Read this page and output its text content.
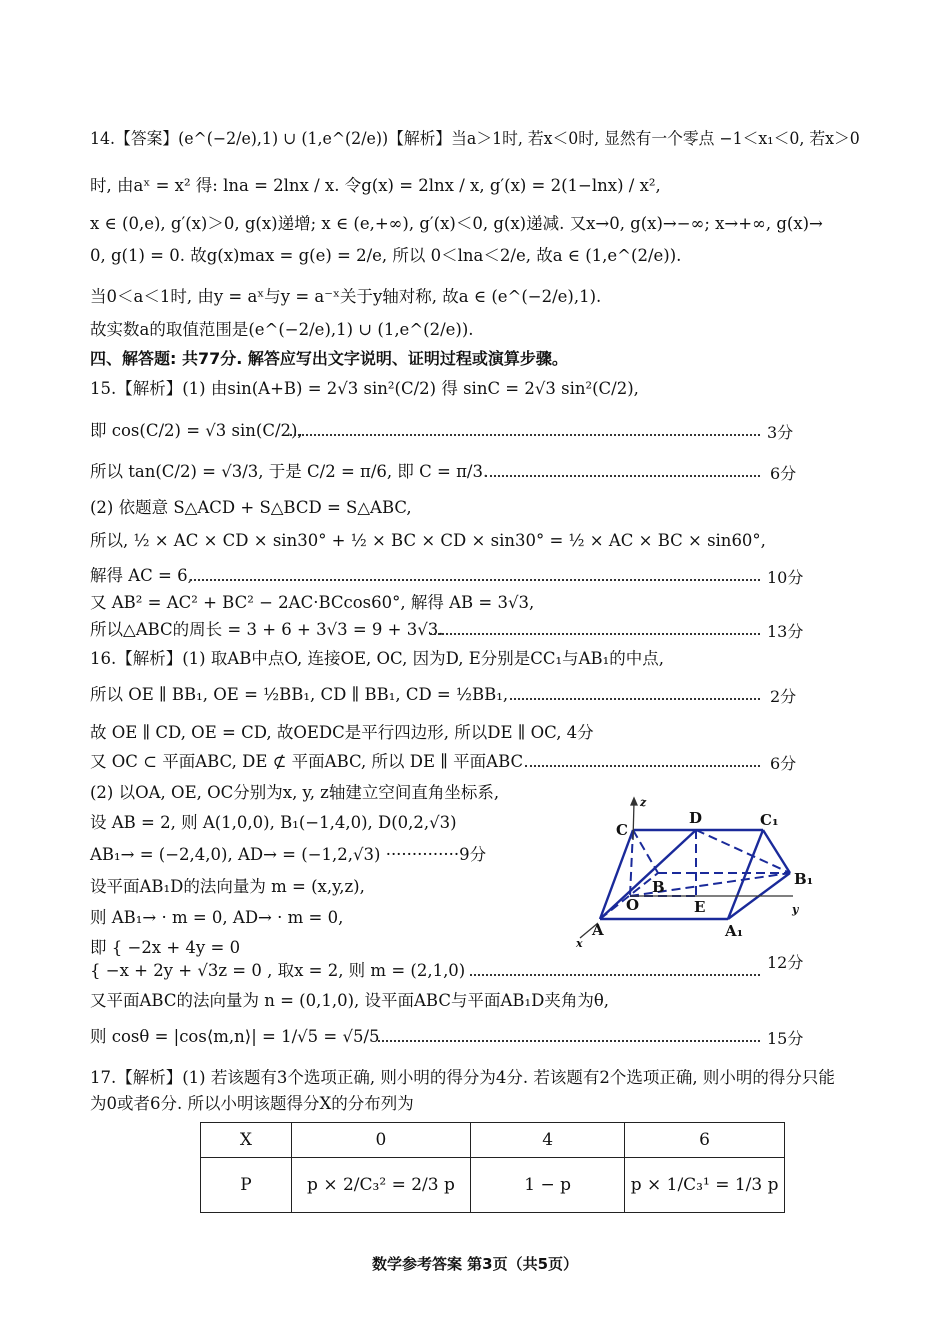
14.【答案】(e^(−2/e),1) ∪ (1,e^(2/e))【解析】当a＞1时, 若x＜0时, 显然有一个零点 −1＜x₁＜0, 若x＞0
时, 由aˣ = x² 得: lna = 2lnx / x. 令g(x) = 2lnx / x, g′(x) = 2(1−lnx) / x²,
x ∈ (0,e), g′(x)＞0, g(x)递增; x ∈ (e,+∞), g′(x)＜0, g(x)递减. 又x→0, g(x)→−∞; x→+∞, g(x)→
0, g(1) = 0. 故g(x)max = g(e) = 2/e, 所以 0＜lna＜2/e, 故a ∈ (1,e^(2/e)).
当0＜a＜1时, 由y = aˣ与y = a⁻ˣ关于y轴对称, 故a ∈ (e^(−2/e),1).
故实数a的取值范围是(e^(−2/e),1) ∪ (1,e^(2/e)).
四、解答题: 共77分. 解答应写出文字说明、证明过程或演算步骤。
15.【解析】(1) 由sin(A+B) = 2√3 sin²(C/2) 得 sinC = 2√3 sin²(C/2),
即 cos(C/2) = √3 sin(C/2),	3分
所以 tan(C/2) = √3/3, 于是 C/2 = π/6, 即 C = π/3.	6分
(2) 依题意 S△ACD + S△BCD = S△ABC,
所以, ½ × AC × CD × sin30° + ½ × BC × CD × sin30° = ½ × AC × BC × sin60°,
解得 AC = 6,	10分
又 AB² = AC² + BC² − 2AC·BCcos60°, 解得 AB = 3√3,
所以△ABC的周长 = 3 + 6 + 3√3 = 9 + 3√3.	13分
16.【解析】(1) 取AB中点O, 连接OE, OC, 因为D, E分别是CC₁与AB₁的中点,
所以 OE ∥ BB₁, OE = ½BB₁, CD ∥ BB₁, CD = ½BB₁,	2分
故 OE ∥ CD, OE = CD, 故OEDC是平行四边形, 所以DE ∥ OC, 4分
又 OC ⊂ 平面ABC, DE ⊄ 平面ABC, 所以 DE ∥ 平面ABC	6分
(2) 以OA, OE, OC分别为x, y, z轴建立空间直角坐标系,
设 AB = 2, 则 A(1,0,0), B₁(−1,4,0), D(0,2,√3)
AB₁→ = (−2,4,0), AD→ = (−1,2,√3) ··············9分
设平面AB₁D的法向量为 m = (x,y,z),
则 AB₁→ · m = 0, AD→ · m = 0,
即 { −2x + 4y = 0
{ −x + 2y + √3z = 0 , 取x = 2, 则 m = (2,1,0)	12分
又平面ABC的法向量为 n = (0,1,0), 设平面ABC与平面AB₁D夹角为θ,
则 cosθ = |cos⟨m,n⟩| = 1/√5 = √5/5	15分
z
D	C₁
C
B₁
B
O	E	y
A	A₁
x
17.【解析】(1) 若该题有3个选项正确, 则小明的得分为4分. 若该题有2个选项正确, 则小明的得分只能
为0或者6分. 所以小明该题得分X的分布列为
X	0	4	6
P	p × 2/C₃² = 2/3 p	1 − p	p × 1/C₃¹ = 1/3 p
数学参考答案 第3页（共5页）
